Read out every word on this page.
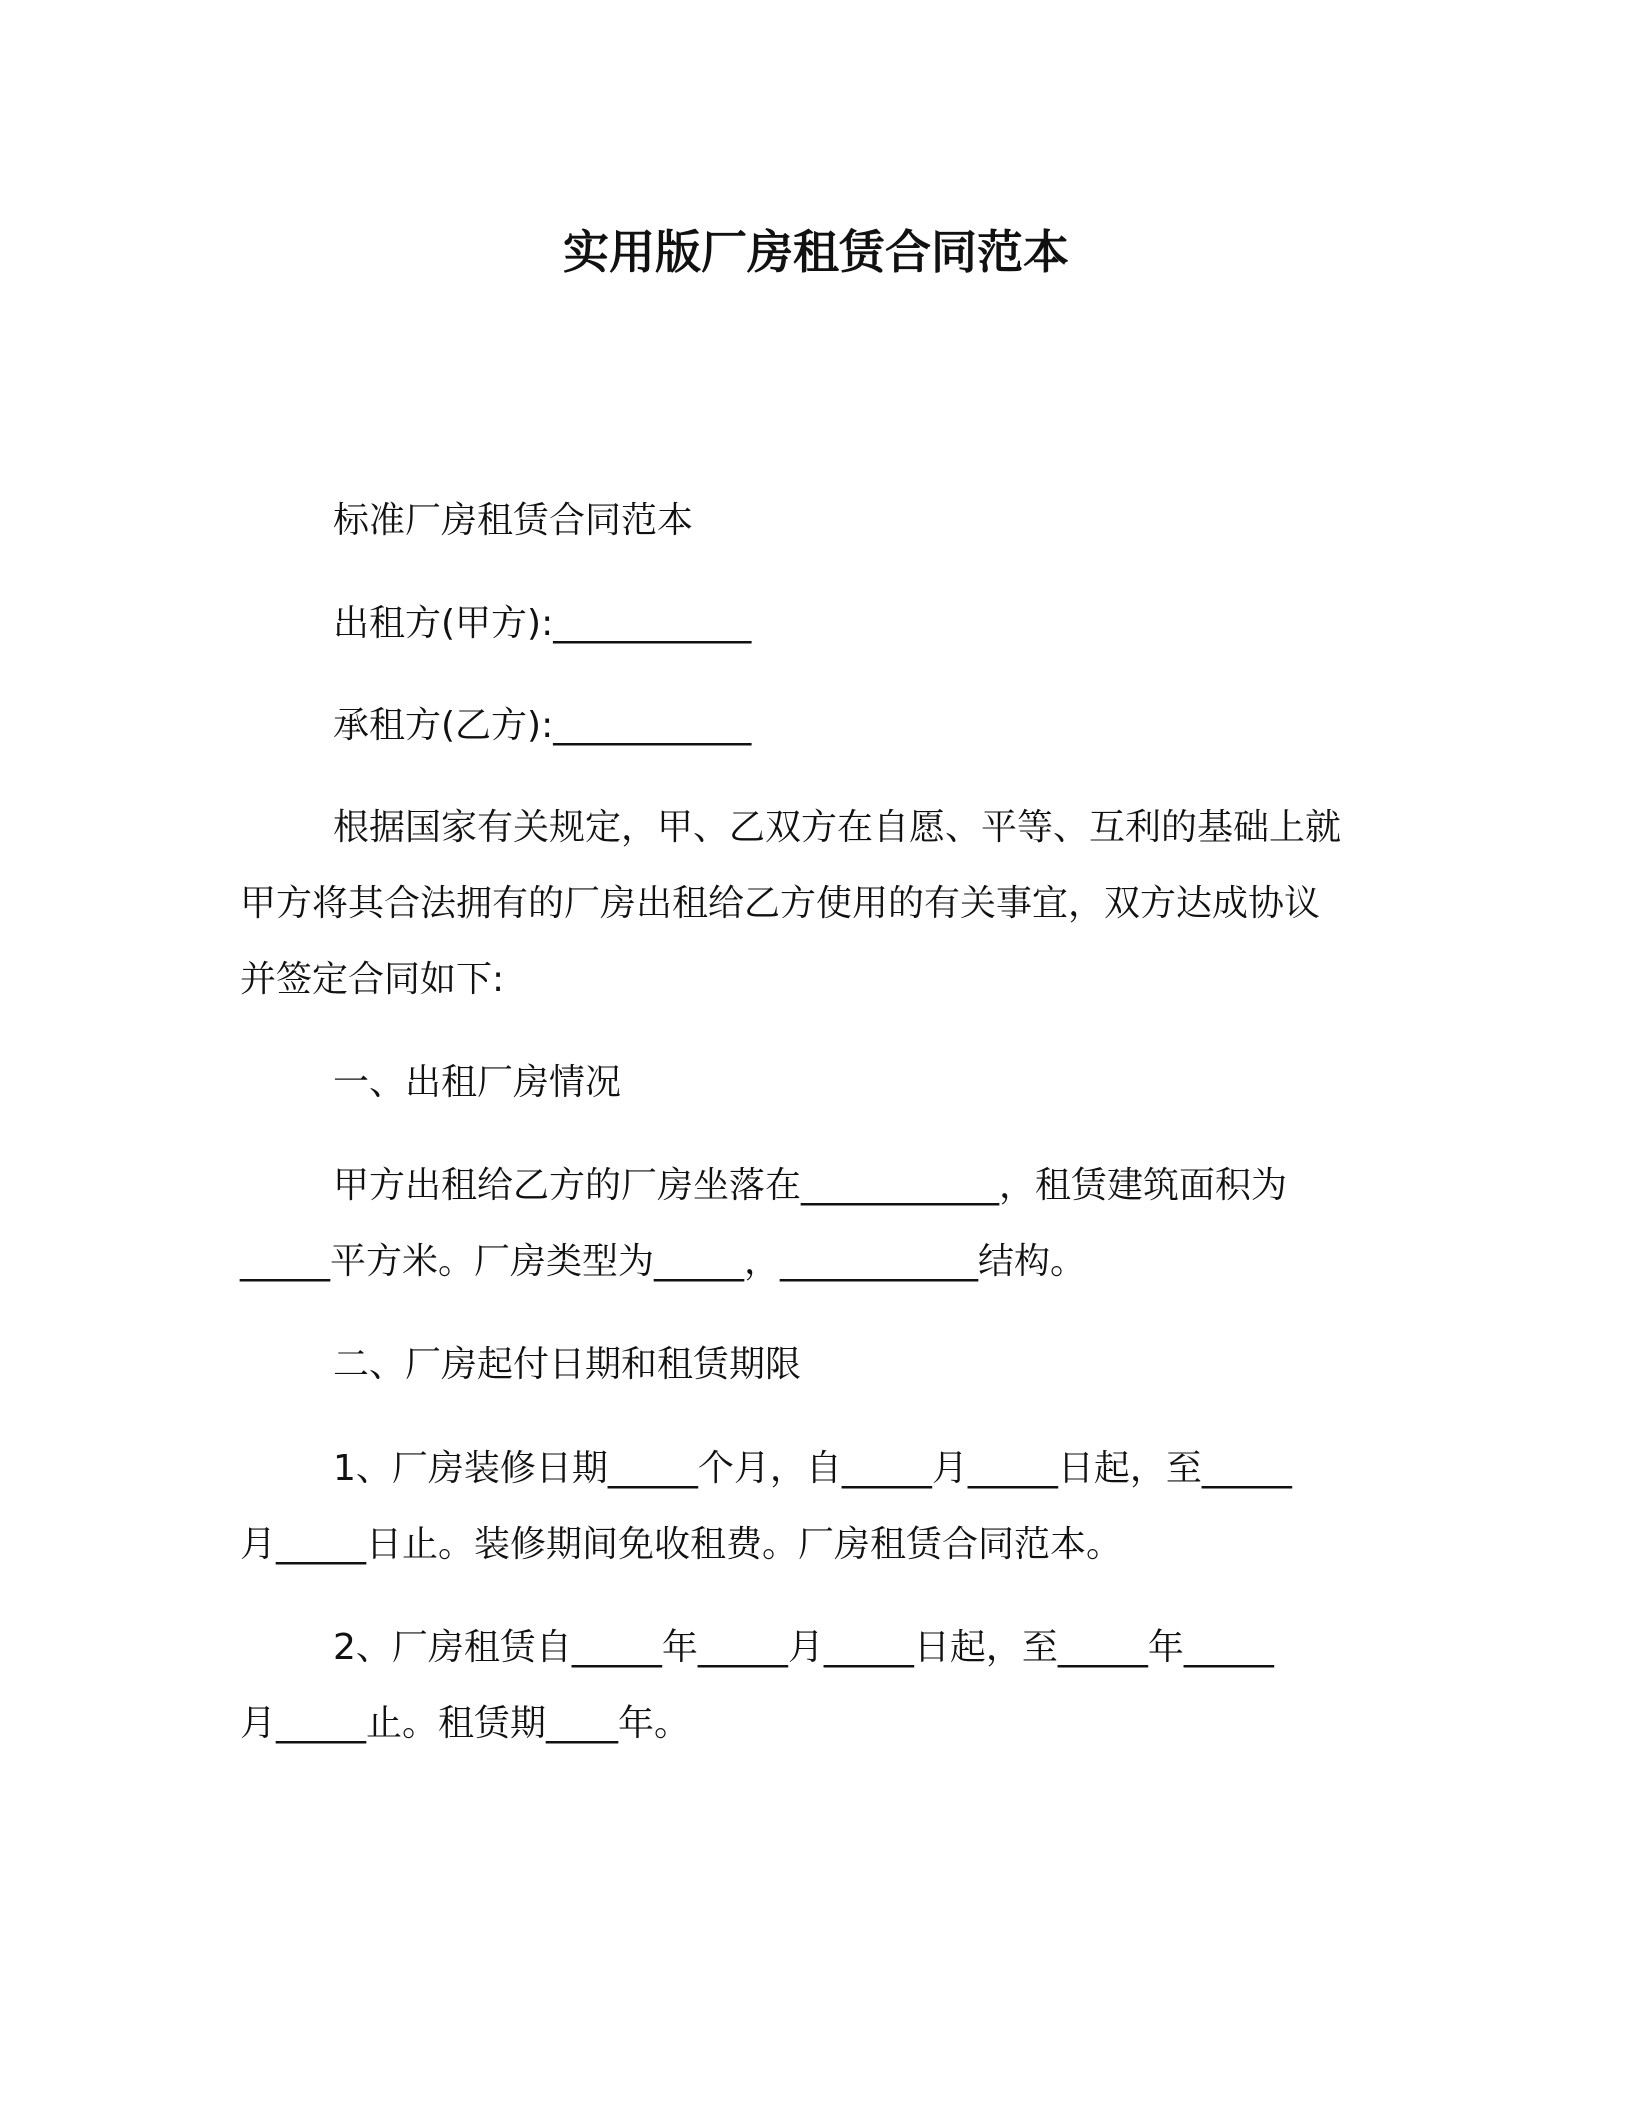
实用版厂房租赁合同范本
标准厂房租赁合同范本
出租方(甲方):___________
承租方(乙方):___________
根据国家有关规定，甲、乙双方在自愿、平等、互利的基础上就
甲方将其合法拥有的厂房出租给乙方使用的有关事宜，双方达成协议
并签定合同如下:
一、出租厂房情况
甲方出租给乙方的厂房坐落在___________，租赁建筑面积为
_____平方米。厂房类型为_____，___________结构。
二、厂房起付日期和租赁期限
1、厂房装修日期_____个月，自_____月_____日起，至_____
月_____日止。装修期间免收租费。厂房租赁合同范本。
2、厂房租赁自_____年_____月_____日起，至_____年_____
月_____止。租赁期____年。
